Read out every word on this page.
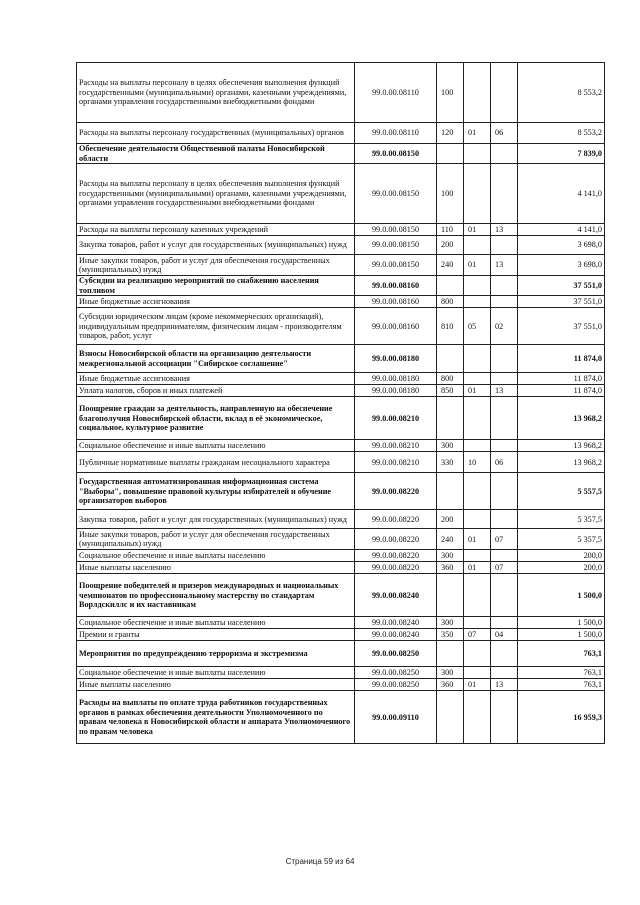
Расходы на выплаты персоналу в целях обеспечения выполнения функций государственными (муниципальными) органами, казенными учреждениями, органами управления государственными внебюджетными фондами	99.0.00.08110	100			8 553,2
Расходы на выплаты персоналу государственных (муниципальных) органов	99.0.00.08110	120	01	06	8 553,2
Обеспечение деятельности Общественной палаты Новосибирской области	99.0.00.08150				7 839,0
Расходы на выплаты персоналу в целях обеспечения выполнения функций государственными (муниципальными) органами, казенными учреждениями, органами управления государственными внебюджетными фондами	99.0.00.08150	100			4 141,0
Расходы на выплаты персоналу казенных учреждений	99.0.00.08150	110	01	13	4 141,0
Закупка товаров, работ и услуг для государственных (муниципальных) нужд	99.0.00.08150	200			3 698,0
Иные закупки товаров, работ и услуг для обеспечения государственных (муниципальных) нужд	99.0.00.08150	240	01	13	3 698,0
Субсидии на реализацию мероприятий по снабжению населения топливом	99.0.00.08160				37 551,0
Иные бюджетные ассигнования	99.0.00.08160	800			37 551,0
Субсидии юридическим лицам (кроме некоммерческих организаций), индивидуальным предпринимателям, физическим лицам - производителям товаров, работ, услуг	99.0.00.08160	810	05	02	37 551,0
Взносы Новосибирской области на организацию деятельности межрегиональной ассоциации "Сибирское соглашение"	99.0.00.08180				11 874,0
Иные бюджетные ассигнования	99.0.00.08180	800			11 874,0
Уплата налогов, сборов и иных платежей	99.0.00.08180	850	01	13	11 874,0
Поощрение граждан за деятельность, направленную на обеспечение благополучия Новосибирской области, вклад в её экономическое, социальное, культурное развитие	99.0.00.08210				13 968,2
Социальное обеспечение и иные выплаты населению	99.0.00.08210	300			13 968,2
Публичные нормативные выплаты гражданам несоциального характера	99.0.00.08210	330	10	06	13 968,2
Государственная автоматизированная информационная система "Выборы", повышение правовой культуры избирателей и обучение организаторов выборов	99.0.00.08220				5 557,5
Закупка товаров, работ и услуг для государственных (муниципальных) нужд	99.0.00.08220	200			5 357,5
Иные закупки товаров, работ и услуг для обеспечения государственных (муниципальных) нужд	99.0.00.08220	240	01	07	5 357,5
Социальное обеспечение и иные выплаты населению	99.0.00.08220	300			200,0
Иные выплаты населению	99.0.00.08220	360	01	07	200,0
Поощрение победителей и призеров международных и национальных чемпионатов по профессиональному мастерству по стандартам Ворлдскиллс и их наставникам	99.0.00.08240				1 500,0
Социальное обеспечение и иные выплаты населению	99.0.00.08240	300			1 500,0
Премии и гранты	99.0.00.08240	350	07	04	1 500,0
Мероприятия по предупреждению терроризма и экстремизма	99.0.00.08250				763,1
Социальное обеспечение и иные выплаты населению	99.0.00.08250	300			763,1
Иные выплаты населению	99.0.00.08250	360	01	13	763,1
Расходы на выплаты по оплате труда работников государственных органов в рамках обеспечения деятельности Уполномоченного по правам человека в Новосибирской области и аппарата Уполномоченного по правам человека	99.0.00.09110				16 959,3
Страница 59 из 64
